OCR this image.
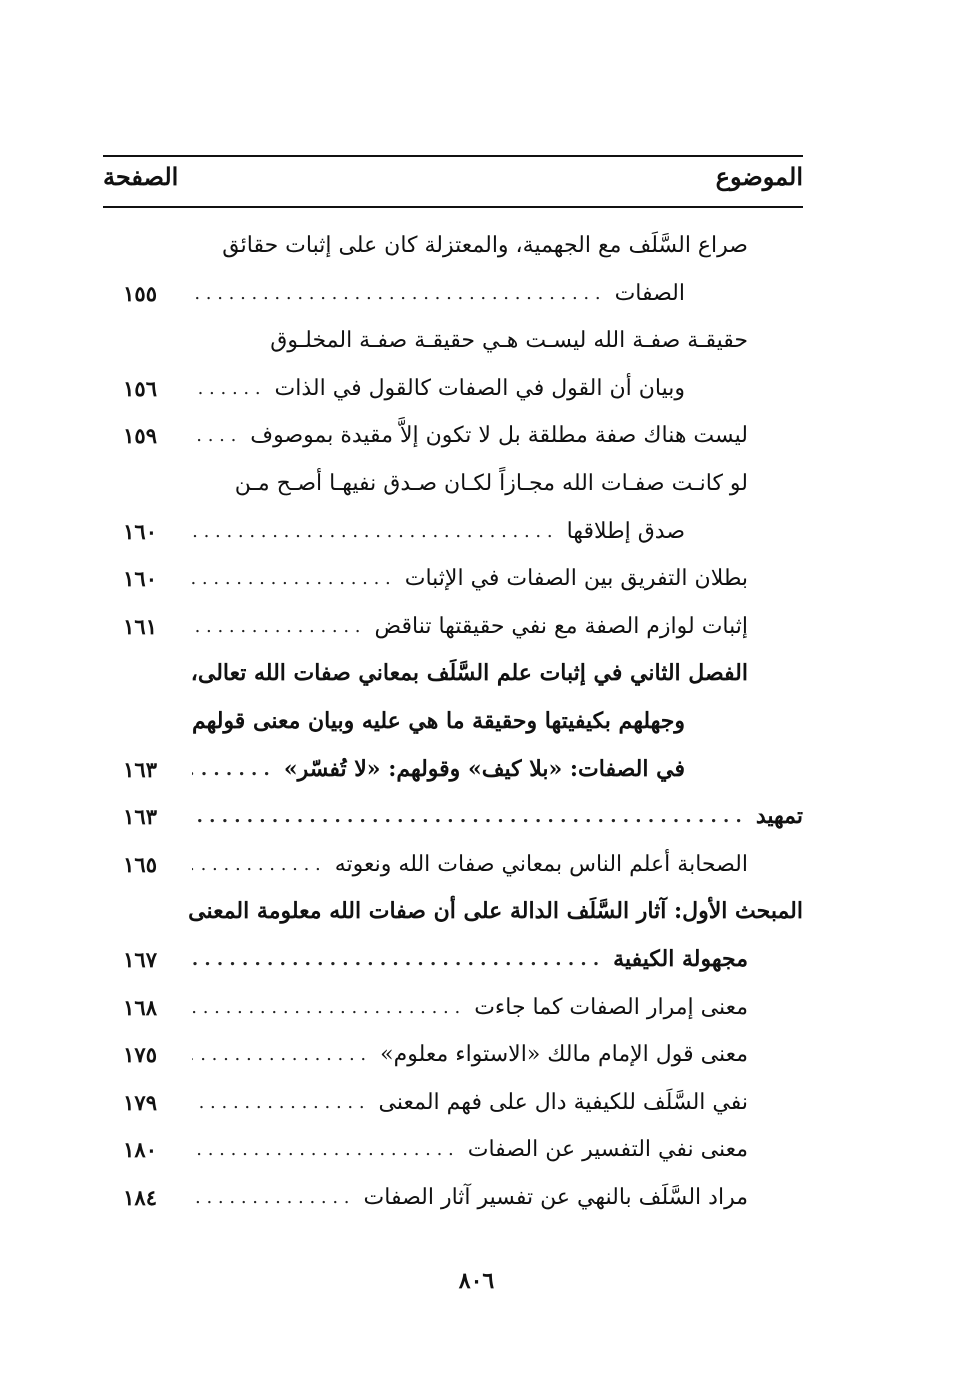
الموضوع
الصفحة
صراع السَّلَف مع الجهمية، والمعتزلة كان على إثبات حقائق
الصفات
. . .
١٥٥
حقيقـة صفـة الله ليسـت هـي حقيقـة صفـة المخلـوق
وبيان أن القول في الصفات كالقول في الذات
. . .
١٥٦
ليست هناك صفة مطلقة بل لا تكون إلاَّ مقيدة بموصوف
. . .
١٥٩
لو كانـت صفـات الله مجـازاً لكـان صـدق نفيهـا أصـح مـن
صدق إطلاقها
. . .
١٦٠
بطلان التفريق بين الصفات في الإثبات
. . .
١٦٠
إثبات لوازم الصفة مع نفي حقيقتها تناقض
. . .
١٦١
الفصل الثاني في إثبات علم السَّلَف بمعاني صفات الله تعالى،
وجهلهم بكيفيتها وحقيقة ما هي عليه وبيان معنى قولهم
في الصفات: «بلا كيف» وقولهم: «لا تُفسّر»
. . .
١٦٣
تمهيد
. . .
١٦٣
الصحابة أعلم الناس بمعاني صفات الله ونعوته
. . .
١٦٥
المبحث الأول: آثار السَّلَف الدالة على أن صفات الله معلومة المعنى
مجهولة الكيفية
. . .
١٦٧
معنى إمرار الصفات كما جاءت
. . .
١٦٨
معنى قول الإمام مالك «الاستواء معلوم»
. . .
١٧٥
نفي السَّلَف للكيفية دال على فهم المعنى
. . .
١٧٩
معنى نفي التفسير عن الصفات
. . .
١٨٠
مراد السَّلَف بالنهي عن تفسير آثار الصفات
. . .
١٨٤
٨٠٦
